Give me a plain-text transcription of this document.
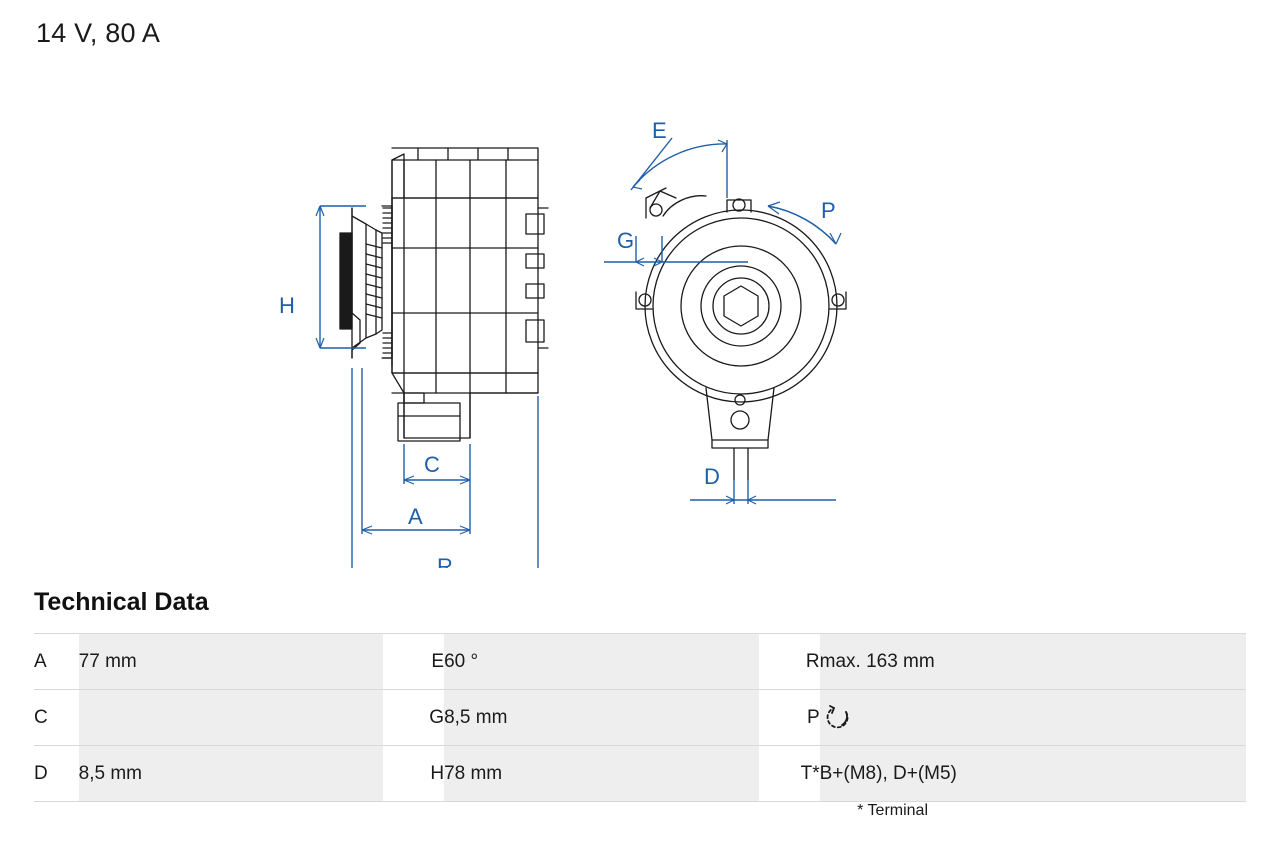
14 V, 80 A
H
C
A
R
E
G
P
D
Technical Data
A	77 mm		E	60 °		R	max. 163 mm
C			G	8,5 mm		P	

D	8,5 mm		H	78 mm		T*	B+(M8), D+(M5)
* Terminal
